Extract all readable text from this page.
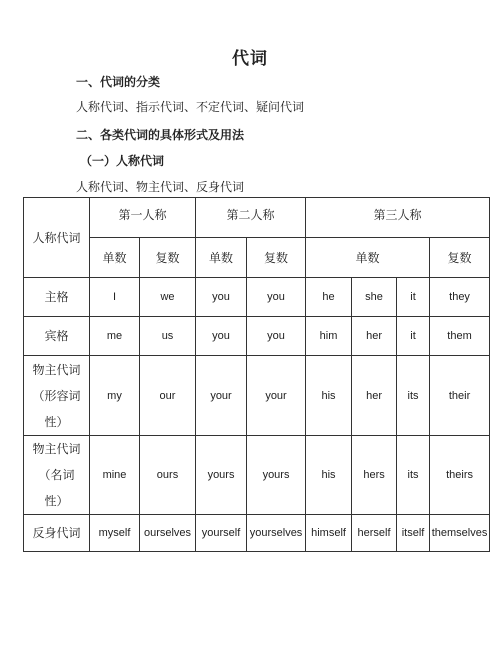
代词
一、代词的分类
人称代词、指示代词、不定代词、疑问代词
二、各类代词的具体形式及用法
（一）人称代词
人称代词、物主代词、反身代词
人称代词	第一人称		第二人称		第三人称			
	单数	复数	单数	复数	单数			复数

主格	I	we	you	you	he	she	it	they

宾格	me	us	you	you	him	her	it	them

物主代词
（形容词
性）	my	our	your	your	his	her	its	their

物主代词
（名词
性）	mine	ours	yours	yours	his	hers	its	theirs

反身代词	myself	ourselves	yourself	yourselves	himself	herself	itself	themselves
